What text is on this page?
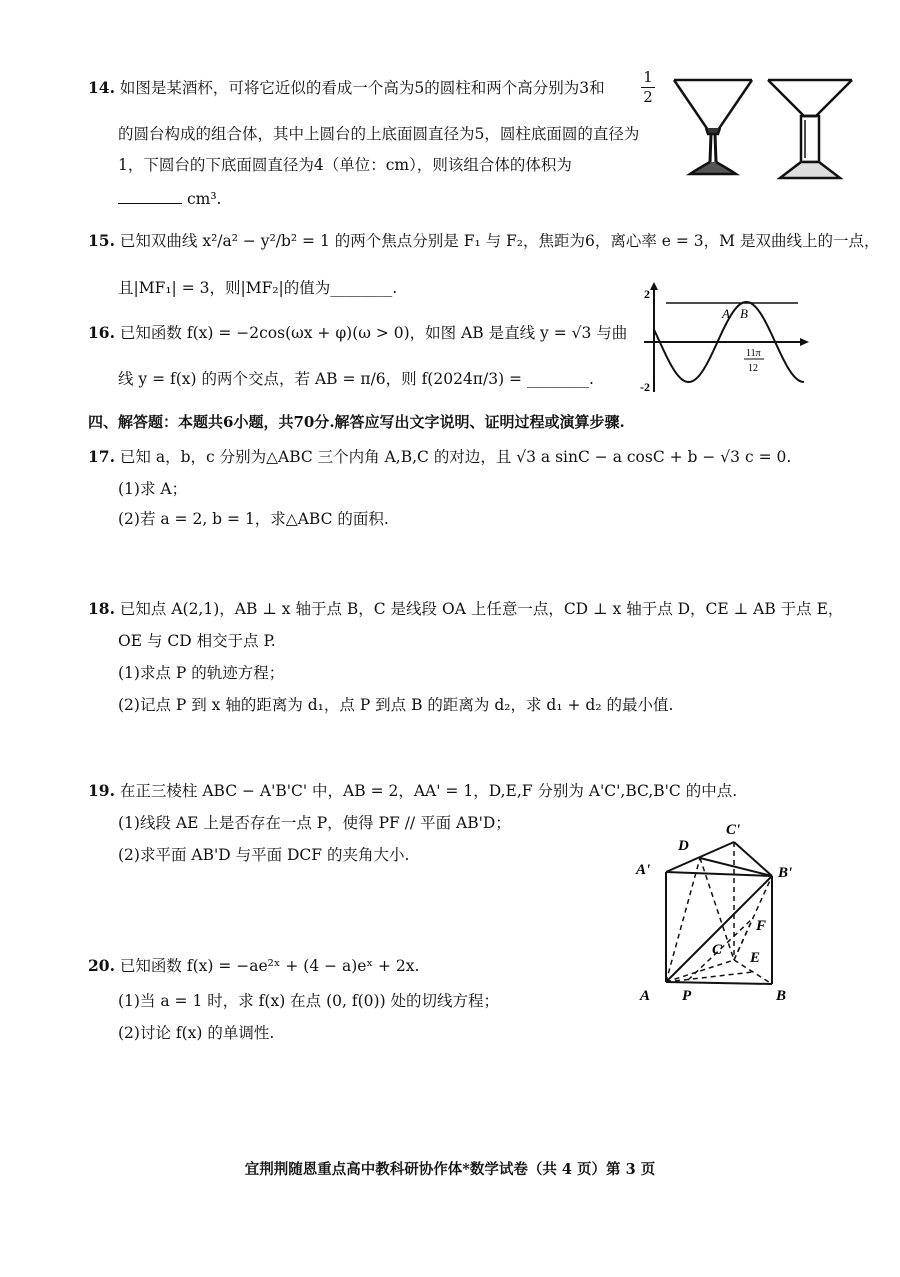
14. 如图是某酒杯，可将它近似的看成一个高为5的圆柱和两个高分别为3和 $\frac{1}{2}$
的圆台构成的组合体，其中上圆台的上底面圆直径为5，圆柱底面圆的直径为
1，下圆台的下底面圆直径为4（单位：cm），则该组合体的体积为
cm³.
15. 已知双曲线 x²/a² − y²/b² = 1 的两个焦点分别是 F₁ 与 F₂，焦距为6，离心率 e = 3，M 是双曲线上的一点，
且|MF₁| = 3，则|MF₂|的值为________.
16. 已知函数 f(x) = −2cos(ωx + φ)(ω > 0)，如图 AB 是直线 y = √3 与曲
线 y = f(x) 的两个交点，若 AB = π/6，则 f(2024π/3) = ________.
2
-2
A B
11π
12
四、解答题：本题共6小题，共70分.解答应写出文字说明、证明过程或演算步骤.
17. 已知 a，b，c 分别为△ABC 三个内角 A,B,C 的对边，且 √3 a sinC − a cosC + b − √3 c = 0.
(1)求 A；
(2)若 a = 2, b = 1，求△ABC 的面积.
18. 已知点 A(2,1)，AB ⊥ x 轴于点 B，C 是线段 OA 上任意一点，CD ⊥ x 轴于点 D，CE ⊥ AB 于点 E，
OE 与 CD 相交于点 P.
(1)求点 P 的轨迹方程；
(2)记点 P 到 x 轴的距离为 d₁，点 P 到点 B 的距离为 d₂，求 d₁ + d₂ 的最小值.
19. 在正三棱柱 ABC − A'B'C' 中，AB = 2，AA' = 1，D,E,F 分别为 A'C',BC,B'C 的中点.
(1)线段 AE 上是否存在一点 P，使得 PF // 平面 AB'D；
(2)求平面 AB'D 与平面 DCF 的夹角大小.
C'
D
A'	B'
F
C E
A P	B
20. 已知函数 f(x) = −ae²ˣ + (4 − a)eˣ + 2x.
(1)当 a = 1 时，求 f(x) 在点 (0, f(0)) 处的切线方程；
(2)讨论 f(x) 的单调性.
宜荆荆随恩重点高中教科研协作体*数学试卷（共 4 页）第 3 页
